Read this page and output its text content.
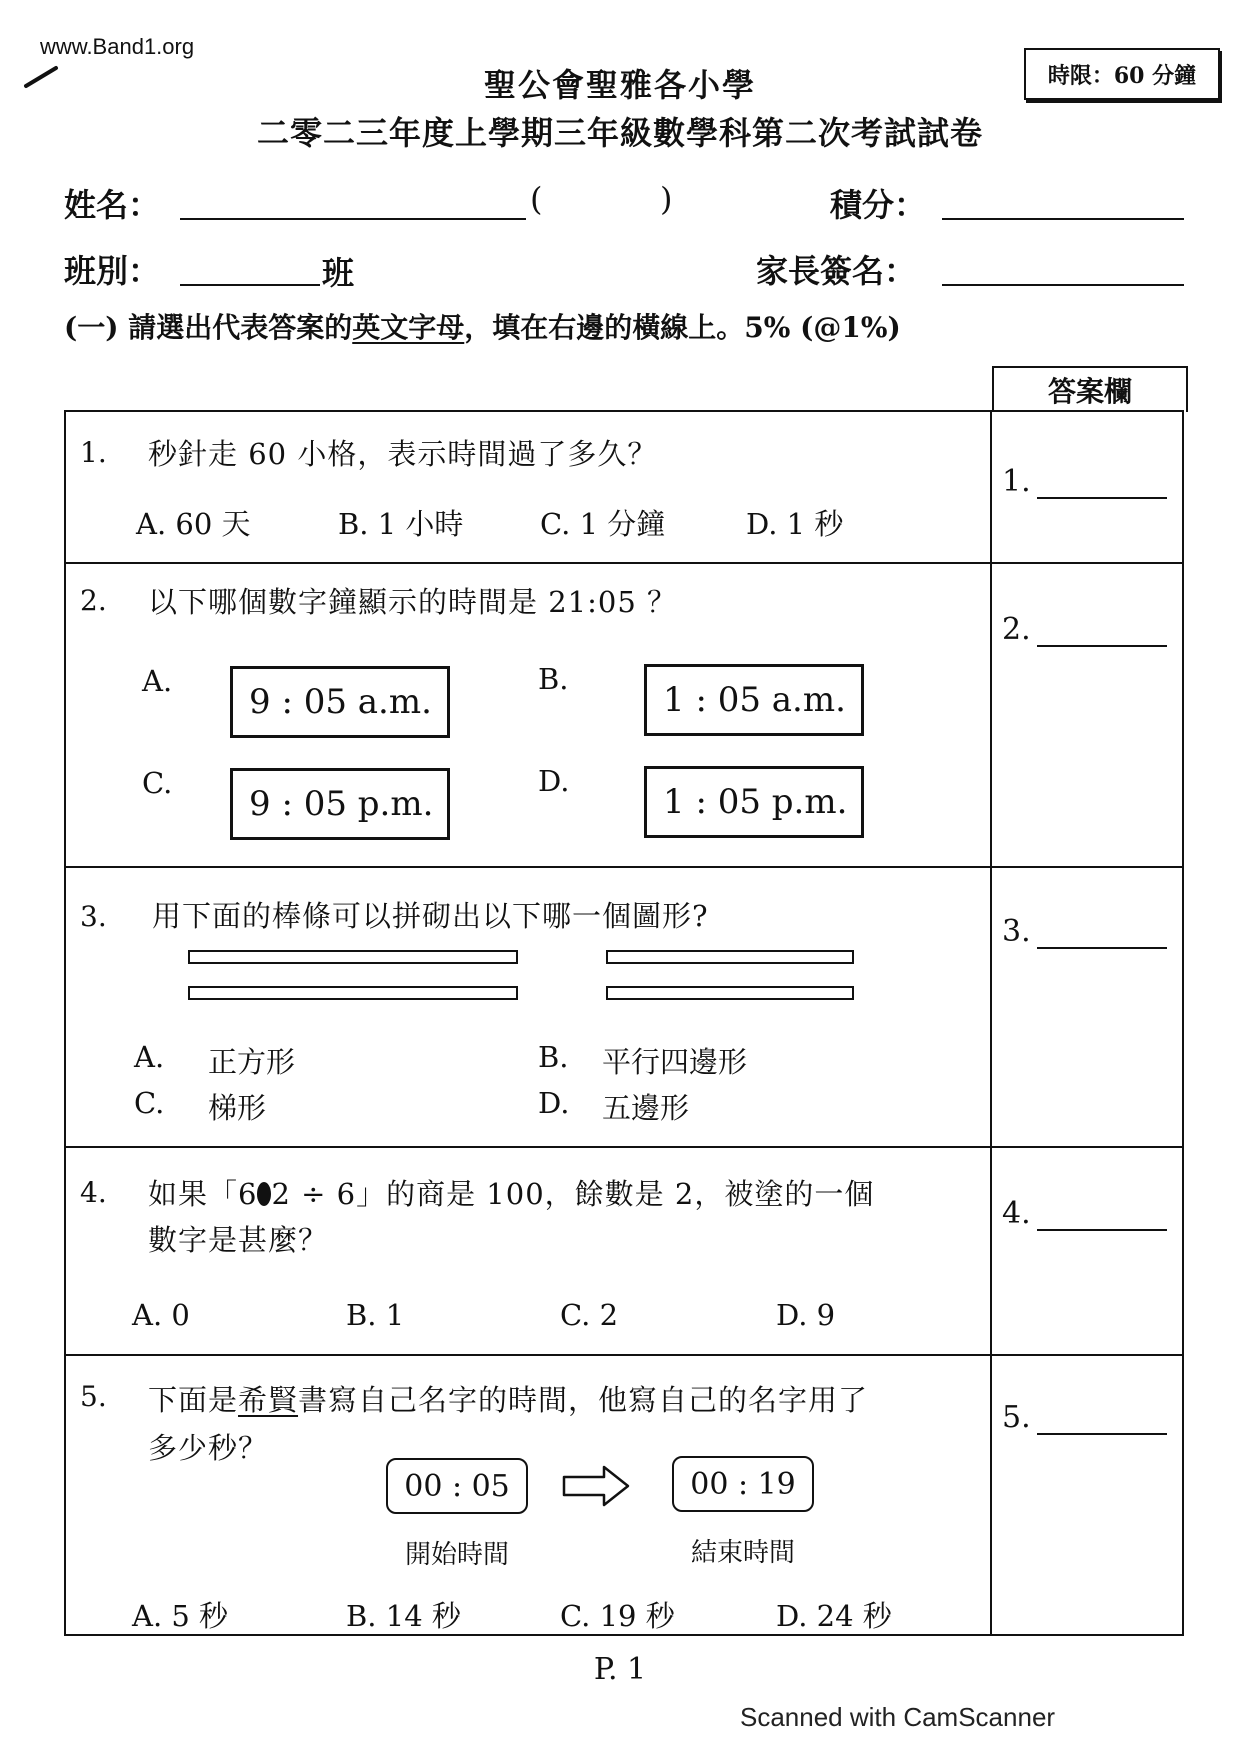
www.Band1.org
時限：60 分鐘
聖公會聖雅各小學
二零二三年度上學期三年級數學科第二次考試試卷
姓名：	(	)	積分：
班別：	班	家長簽名：
(一) 請選出代表答案的英文字母，填在右邊的橫線上。5% (@1%)
答案欄
1. 秒針走 60 小格，表示時間過了多久？
A. 60 天	B. 1 小時	C. 1 分鐘	D. 1 秒
1.
2. 以下哪個數字鐘顯示的時間是 21:05 ？
A.
9 : 05 a.m.
B.
1 : 05 a.m.
C.
9 : 05 p.m.
D.
1 : 05 p.m.
2.
3. 用下面的棒條可以拼砌出以下哪一個圖形?
A. 正方形	B. 平行四邊形
C. 梯形	D. 五邊形
3.
4. 如果「6 2 ÷ 6」的商是 100，餘數是 2，被塗的一個
數字是甚麼？
A. 0	B. 1	C. 2	D. 9
4.
5. 下面是希賢書寫自己名字的時間，他寫自己的名字用了
多少秒？
00 : 05	00 : 19
開始時間	結束時間
A. 5 秒	B. 14 秒	C. 19 秒	D. 24 秒
5.
P. 1
Scanned with CamScanner
